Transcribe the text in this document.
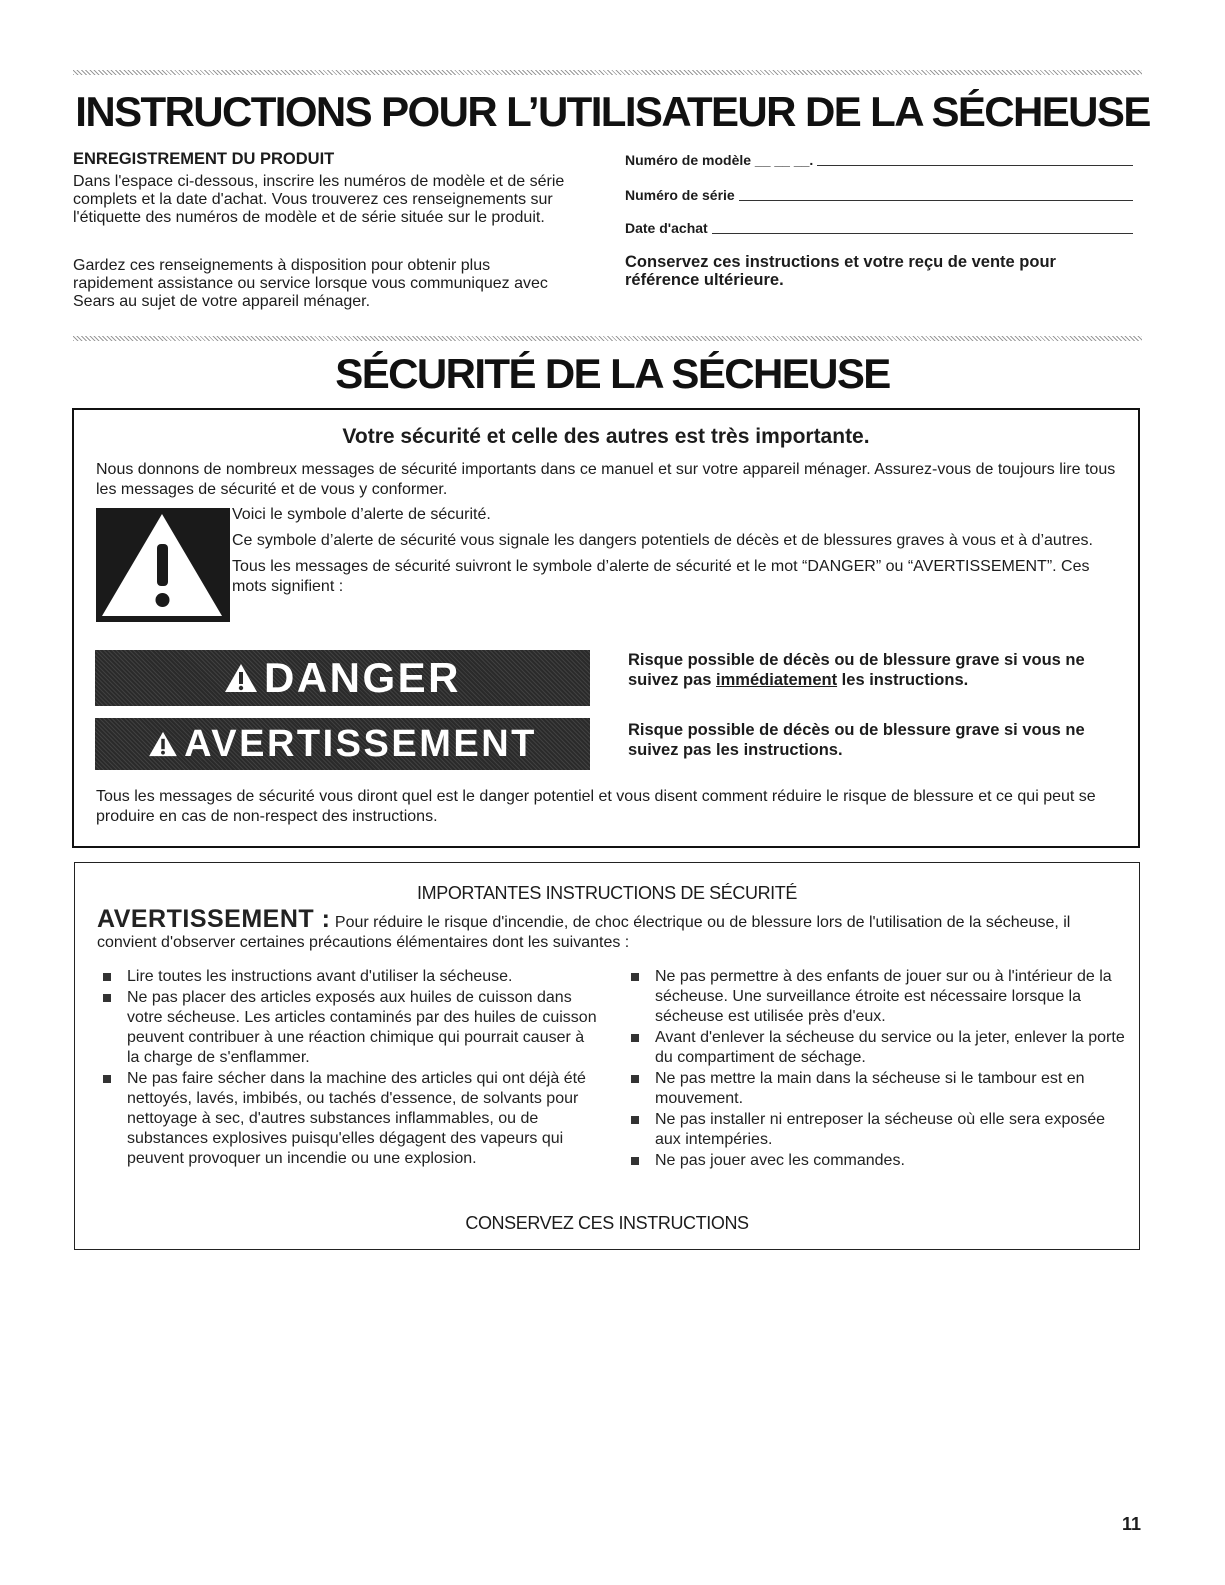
INSTRUCTIONS POUR L’UTILISATEUR DE LA SÉCHEUSE
ENREGISTREMENT DU PRODUIT
Dans l'espace ci-dessous, inscrire les numéros de modèle et de série complets et la date d'achat. Vous trouverez ces renseignements sur l'étiquette des numéros de modèle et de série située sur le produit.
Gardez ces renseignements à disposition pour obtenir plus rapidement assistance ou service lorsque vous communiquez avec Sears au sujet de votre appareil ménager.
Numéro de modèle __ __ __.
Numéro de série
Date d'achat
Conservez ces instructions et votre reçu de vente pour référence ultérieure.
SÉCURITÉ DE LA SÉCHEUSE
Votre sécurité et celle des autres est très importante.
Nous donnons de nombreux messages de sécurité importants dans ce manuel et sur votre appareil ménager. Assurez-vous de toujours lire tous les messages de sécurité et de vous y conformer.

Voici le symbole d’alerte de sécurité.

Ce symbole d’alerte de sécurité vous signale les dangers potentiels de décès et de blessures graves à vous et à d’autres.

Tous les messages de sécurité suivront le symbole d’alerte de sécurité et le mot “DANGER” ou “AVERTISSEMENT”. Ces mots signifient :

DANGER	Risque possible de décès ou de blessure grave si vous ne suivez pas immédiatement les instructions.
AVERTISSEMENT	Risque possible de décès ou de blessure grave si vous ne suivez pas les instructions.
Tous les messages de sécurité vous diront quel est le danger potentiel et vous disent comment réduire le risque de blessure et ce qui peut se produire en cas de non-respect des instructions.
IMPORTANTES INSTRUCTIONS DE SÉCURITÉ
AVERTISSEMENT : Pour réduire le risque d'incendie, de choc électrique ou de blessure lors de l'utilisation de la sécheuse, il convient d'observer certaines précautions élémentaires dont les suivantes :
Lire toutes les instructions avant d'utiliser la sécheuse.
Ne pas placer des articles exposés aux huiles de cuisson dans votre sécheuse. Les articles contaminés par des huiles de cuisson peuvent contribuer à une réaction chimique qui pourrait causer à la charge de s'enflammer.
Ne pas faire sécher dans la machine des articles qui ont déjà été nettoyés, lavés, imbibés, ou tachés d'essence, de solvants pour nettoyage à sec, d'autres substances inflammables, ou de substances explosives puisqu'elles dégagent des vapeurs qui peuvent provoquer un incendie ou une explosion.
Ne pas permettre à des enfants de jouer sur ou à l'intérieur de la sécheuse. Une surveillance étroite est nécessaire lorsque la sécheuse est utilisée près d'eux.
Avant d'enlever la sécheuse du service ou la jeter, enlever la porte du compartiment de séchage.
Ne pas mettre la main dans la sécheuse si le tambour est en mouvement.
Ne pas installer ni entreposer la sécheuse où elle sera exposée aux intempéries.
Ne pas jouer avec les commandes.
CONSERVEZ CES INSTRUCTIONS
11
